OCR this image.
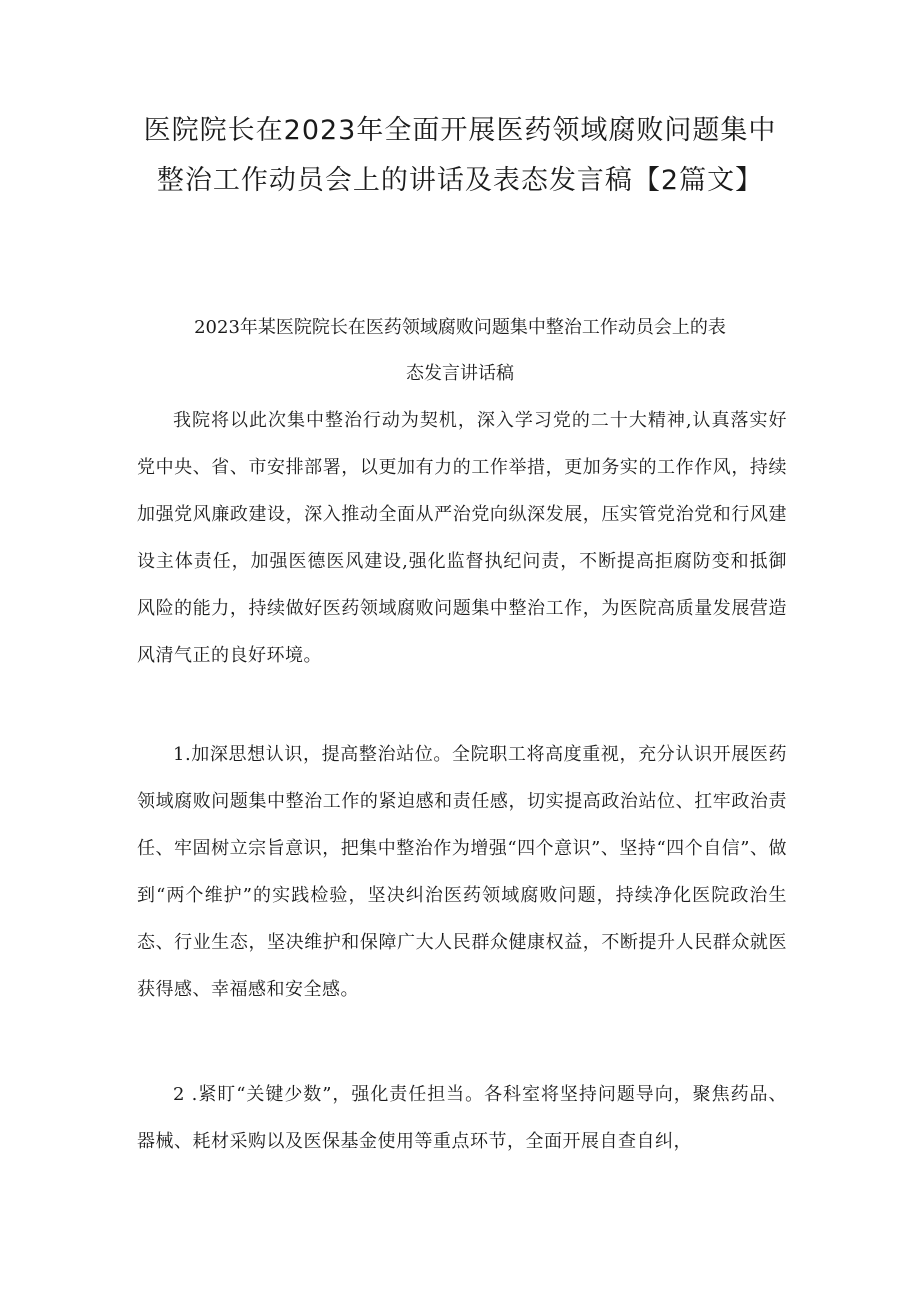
医院院长在2023年全面开展医药领域腐败问题集中
整治工作动员会上的讲话及表态发言稿【2篇文】
2023年某医院院长在医药领域腐败问题集中整治工作动员会上的表
态发言讲话稿

我院将以此次集中整治行动为契机，深入学习党的二十大精神,认真落实好党中央、省、市安排部署，以更加有力的工作举措，更加务实的工作作风，持续加强党风廉政建设，深入推动全面从严治党向纵深发展，压实管党治党和行风建设主体责任，加强医德医风建设,强化监督执纪问责，不断提高拒腐防变和抵御风险的能力，持续做好医药领域腐败问题集中整治工作，为医院高质量发展营造风清气正的良好环境。

1.加深思想认识，提高整治站位。全院职工将高度重视，充分认识开展医药领域腐败问题集中整治工作的紧迫感和责任感，切实提高政治站位、扛牢政治责任、牢固树立宗旨意识，把集中整治作为增强“四个意识”、坚持“四个自信”、做到“两个维护”的实践检验，坚决纠治医药领域腐败问题，持续净化医院政治生态、行业生态，坚决维护和保障广大人民群众健康权益，不断提升人民群众就医获得感、幸福感和安全感。

2 .紧盯“关键少数”，强化责任担当。各科室将坚持问题导向，聚焦药品、器械、耗材采购以及医保基金使用等重点环节，全面开展自查自纠，
